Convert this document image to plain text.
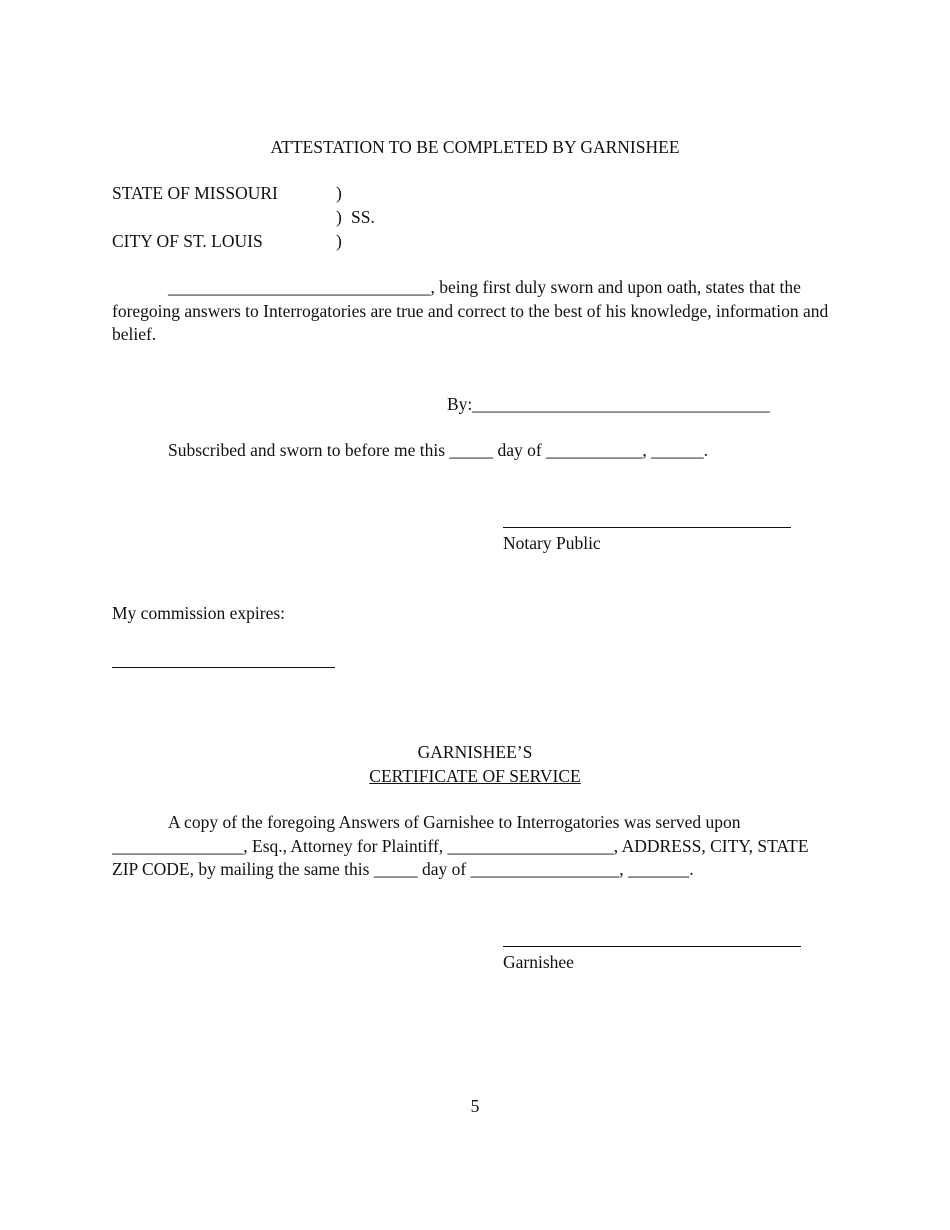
ATTESTATION TO BE COMPLETED BY GARNISHEE
STATE OF MISSOURI	)
) SS.
CITY OF ST. LOUIS	)
______________________________, being first duly sworn and upon oath, states that the
foregoing answers to Interrogatories are true and correct to the best of his knowledge, information and
belief.
By:__________________________________
Subscribed and sworn to before me this _____ day of ___________, ______.
Notary Public
My commission expires:
GARNISHEE’S
CERTIFICATE OF SERVICE
A copy of the foregoing Answers of Garnishee to Interrogatories was served upon
_______________, Esq., Attorney for Plaintiff, ___________________, ADDRESS, CITY, STATE
ZIP CODE, by mailing the same this _____ day of _________________, _______.
Garnishee
5
